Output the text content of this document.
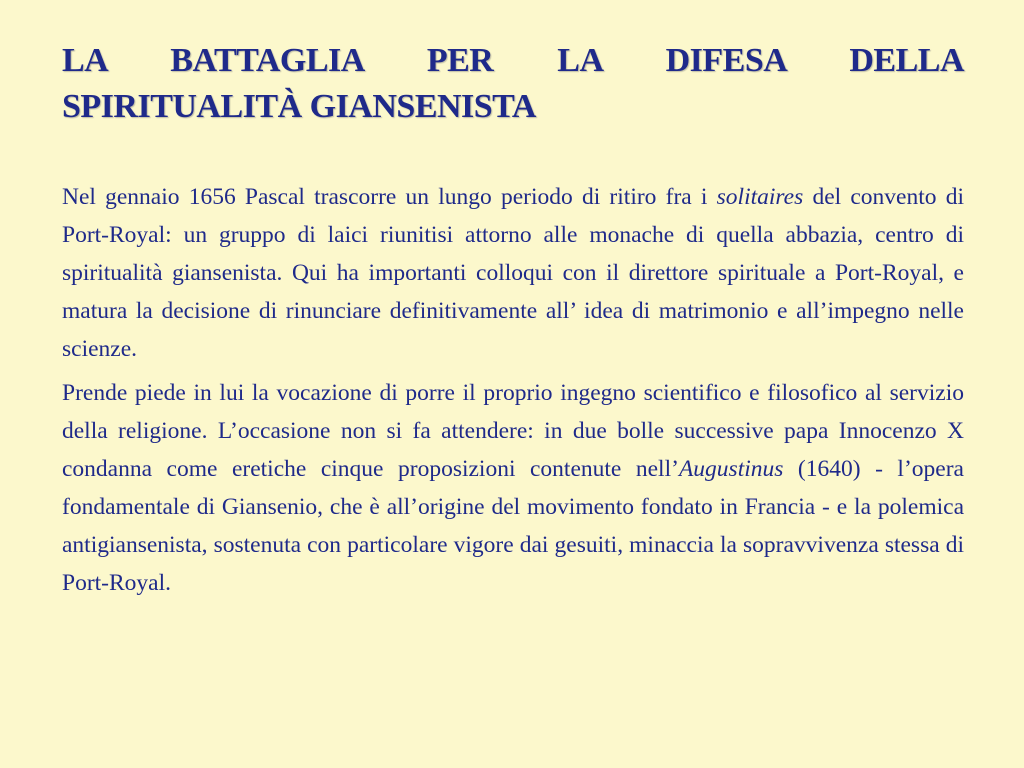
LA BATTAGLIA PER LA DIFESA DELLA
SPIRITUALITÀ GIANSENISTA

Nel gennaio 1656 Pascal trascorre un lungo periodo di ritiro fra i solitaires del convento di Port-Royal: un gruppo di laici riunitisi attorno alle monache di quella abbazia, centro di spiritualità giansenista. Qui ha importanti colloqui con il direttore spirituale a Port-Royal, e matura la decisione di rinunciare definitivamente all’ idea di matrimonio e all’impegno nelle scienze.

Prende piede in lui la vocazione di porre il proprio ingegno scientifico e filosofico al servizio della religione. L’occasione non si fa attendere: in due bolle successive papa Innocenzo X condanna come eretiche cinque proposizioni contenute nell’Augustinus (1640) - l’opera fondamentale di Giansenio, che è all’origine del movimento fondato in Francia - e la polemica antigiansenista, sostenuta con particolare vigore dai gesuiti, minaccia la sopravvivenza stessa di Port-Royal.
